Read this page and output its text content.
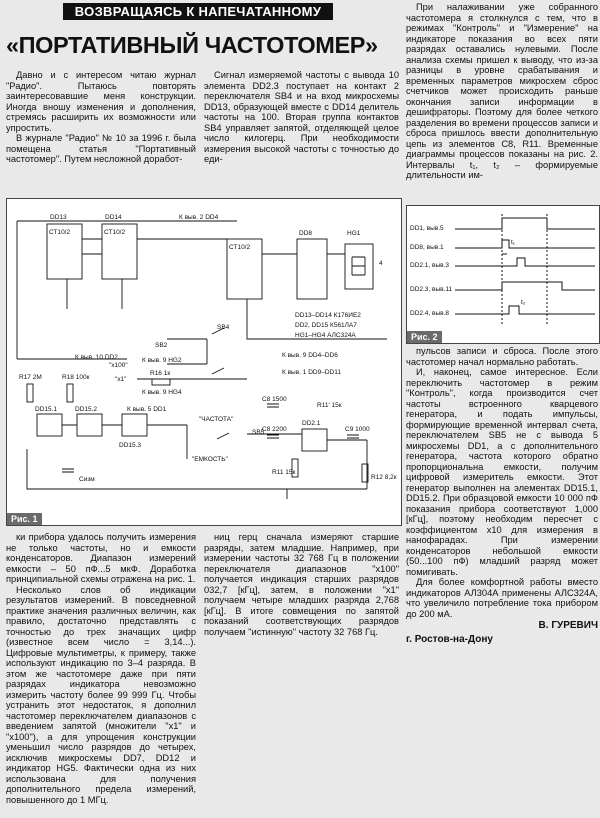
ВОЗВРАЩАЯСЬ К НАПЕЧАТАННОМУ
«ПОРТАТИВНЫЙ ЧАСТОТОМЕР»

Давно и с интересом читаю журнал "Радио". Пытаюсь повторять заинтересовавшие меня конструкции. Иногда вношу изменения и дополнения, стремясь расширить их возможности или упростить.

В журнале "Радио" № 10 за 1996 г. была помещена статья "Портативный частотомер". Путем несложной доработ-

Сигнал измеряемой частоты с вывода 10 элемента DD2.3 поступает на контакт 2 переключателя SB4 и на вход микросхемы DD13, образующей вместе с DD14 делитель частоты на 100. Вторая группа контактов SB4 управляет запятой, отделяющей целое число килогерц. При необходимости измерения высокой частоты с точностью до еди-

При налаживании уже собранного частотомера я столкнулся с тем, что в режимах "Контроль" и "Измерение" на индикаторе показания во всех пяти разрядах оставались нулевыми. После анализа схемы пришел к выводу, что из-за разницы в уровне срабатывания и временных параметров микросхем сброс счетчиков может происходить раньше окончания записи информации в дешифраторы. Поэтому для более четкого разделения во времени процессов записи и сброса пришлось ввести дополнительную цепь из элементов C8, R11. Временные диаграммы процессов показаны на рис. 2. Интервалы t₁, t₂ – формируемые длительности им-

DD13	DD14
DD8	HG1
СТ10/2	СТ10/2
СТ10/2
К выв. 2 DD4
К выв. 10 DD2	К выв. 9 HG2
К выв. 9 HG4
К выв. 9 DD4–DD6
К выв. 1 DD9–DD11
К выв. 5 DD1
DD13–DD14 К176ИЕ2
DD2, DD15 К561ЛА7
HG1–HG4 АЛС324А
SB2
SB4
SB5
R16 1к
R17 2М	R18 100к
R11 15к
R12 8,2к
R11' 15к
C8 1500
C8 2200	C9 1000
DD15.1	DD15.2
DD15.3
DD2.1
"x100"
"x1"
"ЧАСТОТА"
"ЕМКОСТЬ"
Сизм
4
Рис. 1
DD1, выв.5
DD8, выв.1
DD2.1, выв.3
DD2.3, выв.11
DD2.4, выв.8
t₁
t₂
Рис. 2

пульсов записи и сброса. После этого частотомер начал нормально работать.

И, наконец, самое интересное. Если переключить частотомер в режим "Контроль", когда производится счет частоты встроенного кварцевого генератора, и подать импульсы, формирующие временной интервал счета, переключателем SB5 не с вывода 5 микросхемы DD1, а с дополнительного генератора, частота которого обратно пропорциональна емкости, получим цифровой измеритель емкости. Этот генератор выполнен на элементах DD15.1, DD15.2. При образцовой емкости 10 000 пФ показания прибора соответствуют 1,000 [кГц], поэтому необходим пересчет с коэффициентом x10 для измерения в нанофарадах. При измерении конденсаторов небольшой емкости (50...100 пФ) младший разряд может помигивать.

Для более комфортной работы вместо индикаторов АЛ304А применены АЛС324А, что увеличило потребление тока прибором до 200 мА.

В. ГУРЕВИЧ
г. Ростов-на-Дону

ки прибора удалось получить измерения не только частоты, но и емкости конденсаторов. Диапазон измерений емкости – 50 пФ...5 мкФ. Доработка принципиальной схемы отражена на рис. 1.

Несколько слов об индикации результатов измерений. В повседневной практике значения различных величин, как правило, достаточно представлять с точностью до трех значащих цифр (известное всем число = 3,14...). Цифровые мультиметры, к примеру, также используют индикацию по 3–4 разряда. В этом же частотомере даже при пяти разрядах индикатора невозможно измерить частоту более 99 999 Гц. Чтобы устранить этот недостаток, я дополнил частотомер переключателем диапазонов с введением запятой (множители "x1" и "x100"), а для упрощения конструкции уменьшил число разрядов до четырех, исключив микросхемы DD7, DD12 и индикатор HG5. Фактически одна из них использована для получения дополнительного предела измерений, повышенного до 1 МГц.

ниц герц сначала измеряют старшие разряды, затем младшие. Например, при измерении частоты 32 768 Гц в положении переключателя диапазонов "x100" получается индикация старших разрядов 032,7 [кГц], затем, в положении "x1" получаем четыре младших разряда 2,768 [кГц]. В итоге совмещения по запятой показаний соответствующих разрядов получаем "истинную" частоту 32 768 Гц.
